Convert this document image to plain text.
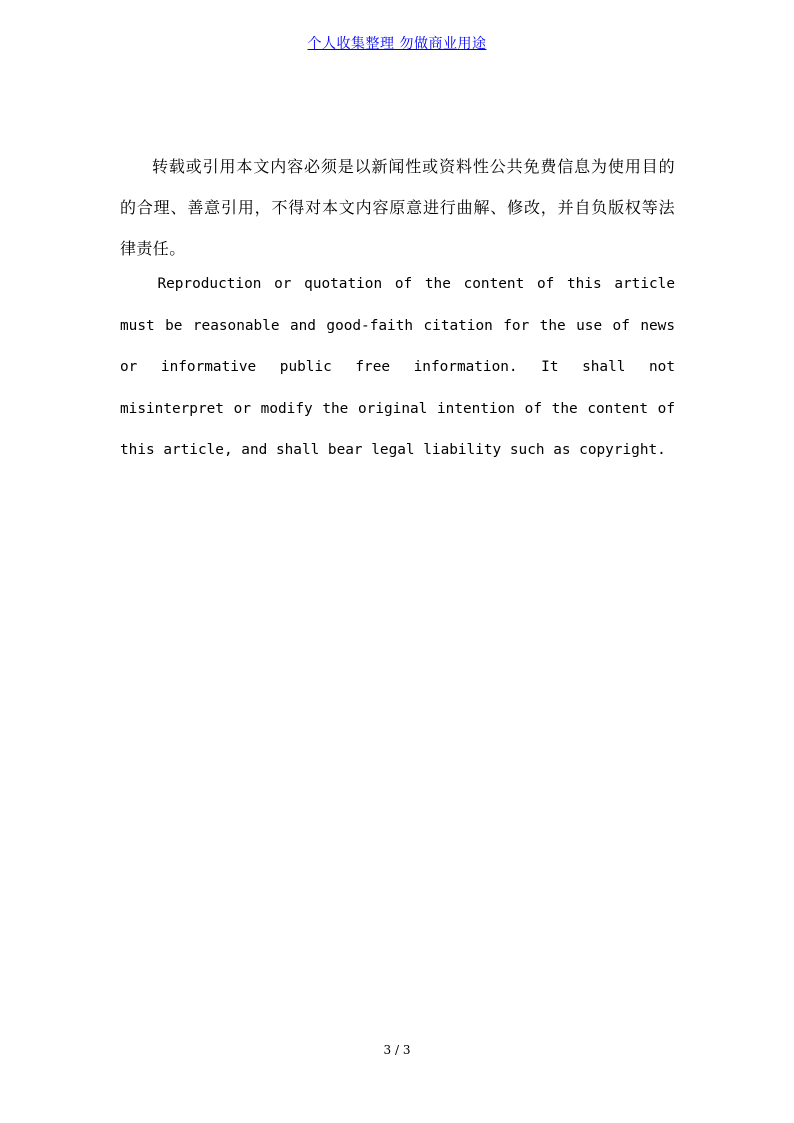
个人收集整理 勿做商业用途

转载或引用本文内容必须是以新闻性或资料性公共免费信息为使用目的的合理、善意引用，不得对本文内容原意进行曲解、修改，并自负版权等法律责任。

Reproduction or quotation of the content of this article must be reasonable and good-faith citation for the use of news or informative public free information. It shall not misinterpret or modify the original intention of the content of this article, and shall bear legal liability such as copyright.

3 / 3
